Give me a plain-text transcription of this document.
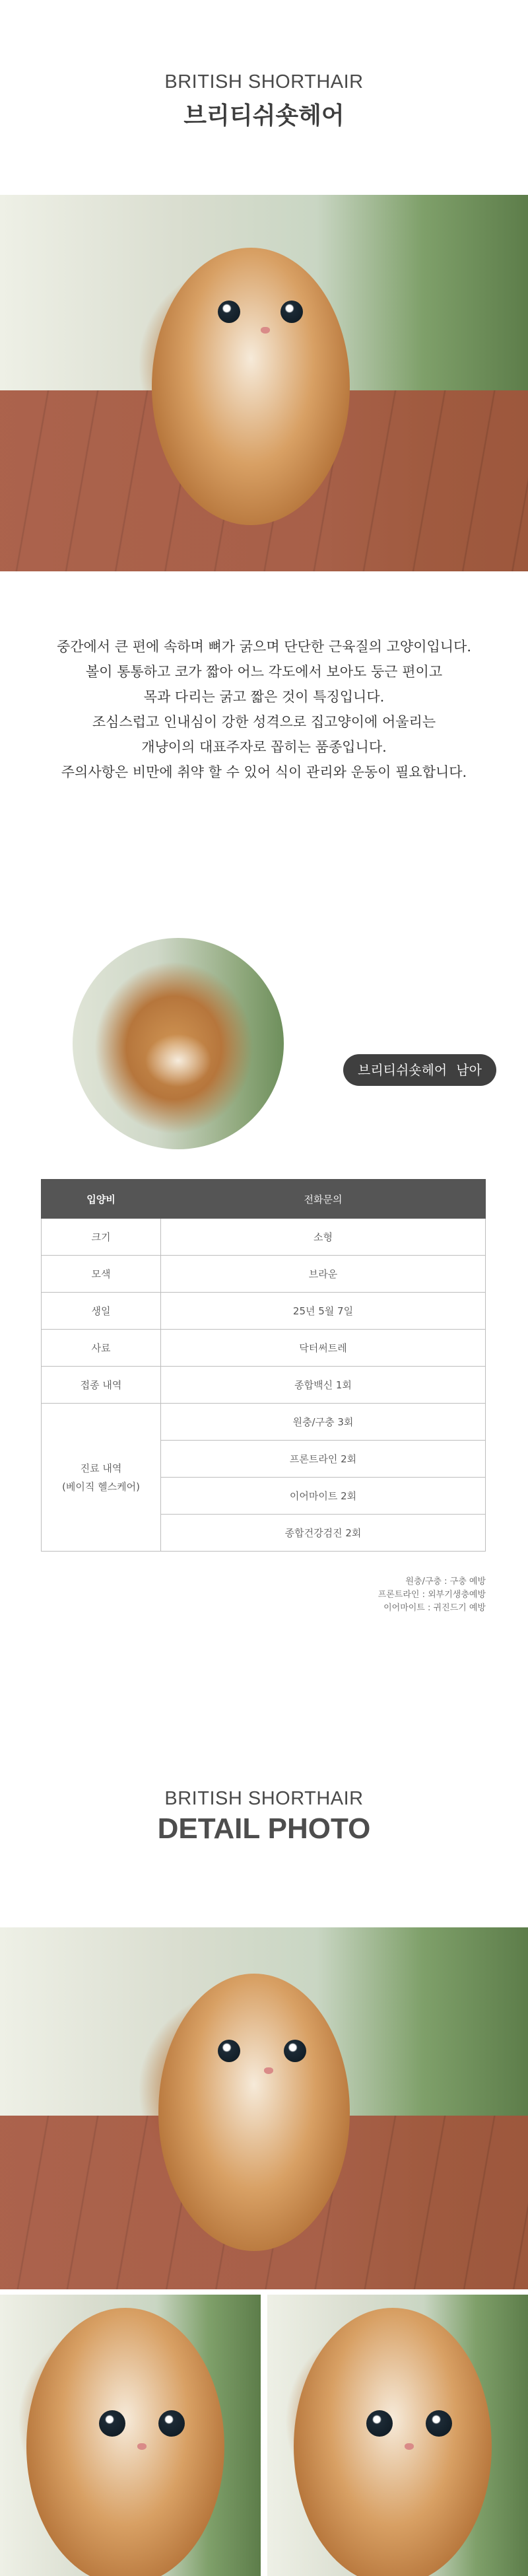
BRITISH SHORTHAIR

브리티쉬숏헤어

중간에서 큰 편에 속하며 뼈가 굵으며 단단한 근육질의 고양이입니다.

볼이 통통하고 코가 짧아 어느 각도에서 보아도 둥근 편이고

목과 다리는 굵고 짧은 것이 특징입니다.

조심스럽고 인내심이 강한 성격으로 집고양이에 어울리는

개냥이의 대표주자로 꼽히는 품종입니다.

주의사항은 비만에 취약 할 수 있어 식이 관리와 운동이 필요합니다.

브리티쉬숏헤어 남아
입양비	전화문의
크기	소형
모색	브라운
생일	25년 5월 7일
사료	닥터써트레
접종 내역	종합백신 1회
진료 내역
(베이직 헬스케어)	원충/구충 3회
	프론트라인 2회
	이어마이트 2회
	종합건강검진 2회

원충/구충 : 구충 예방

프론트라인 : 외부기생충예방

이어마이트 : 귀진드기 예방

BRITISH SHORTHAIR

DETAIL PHOTO
